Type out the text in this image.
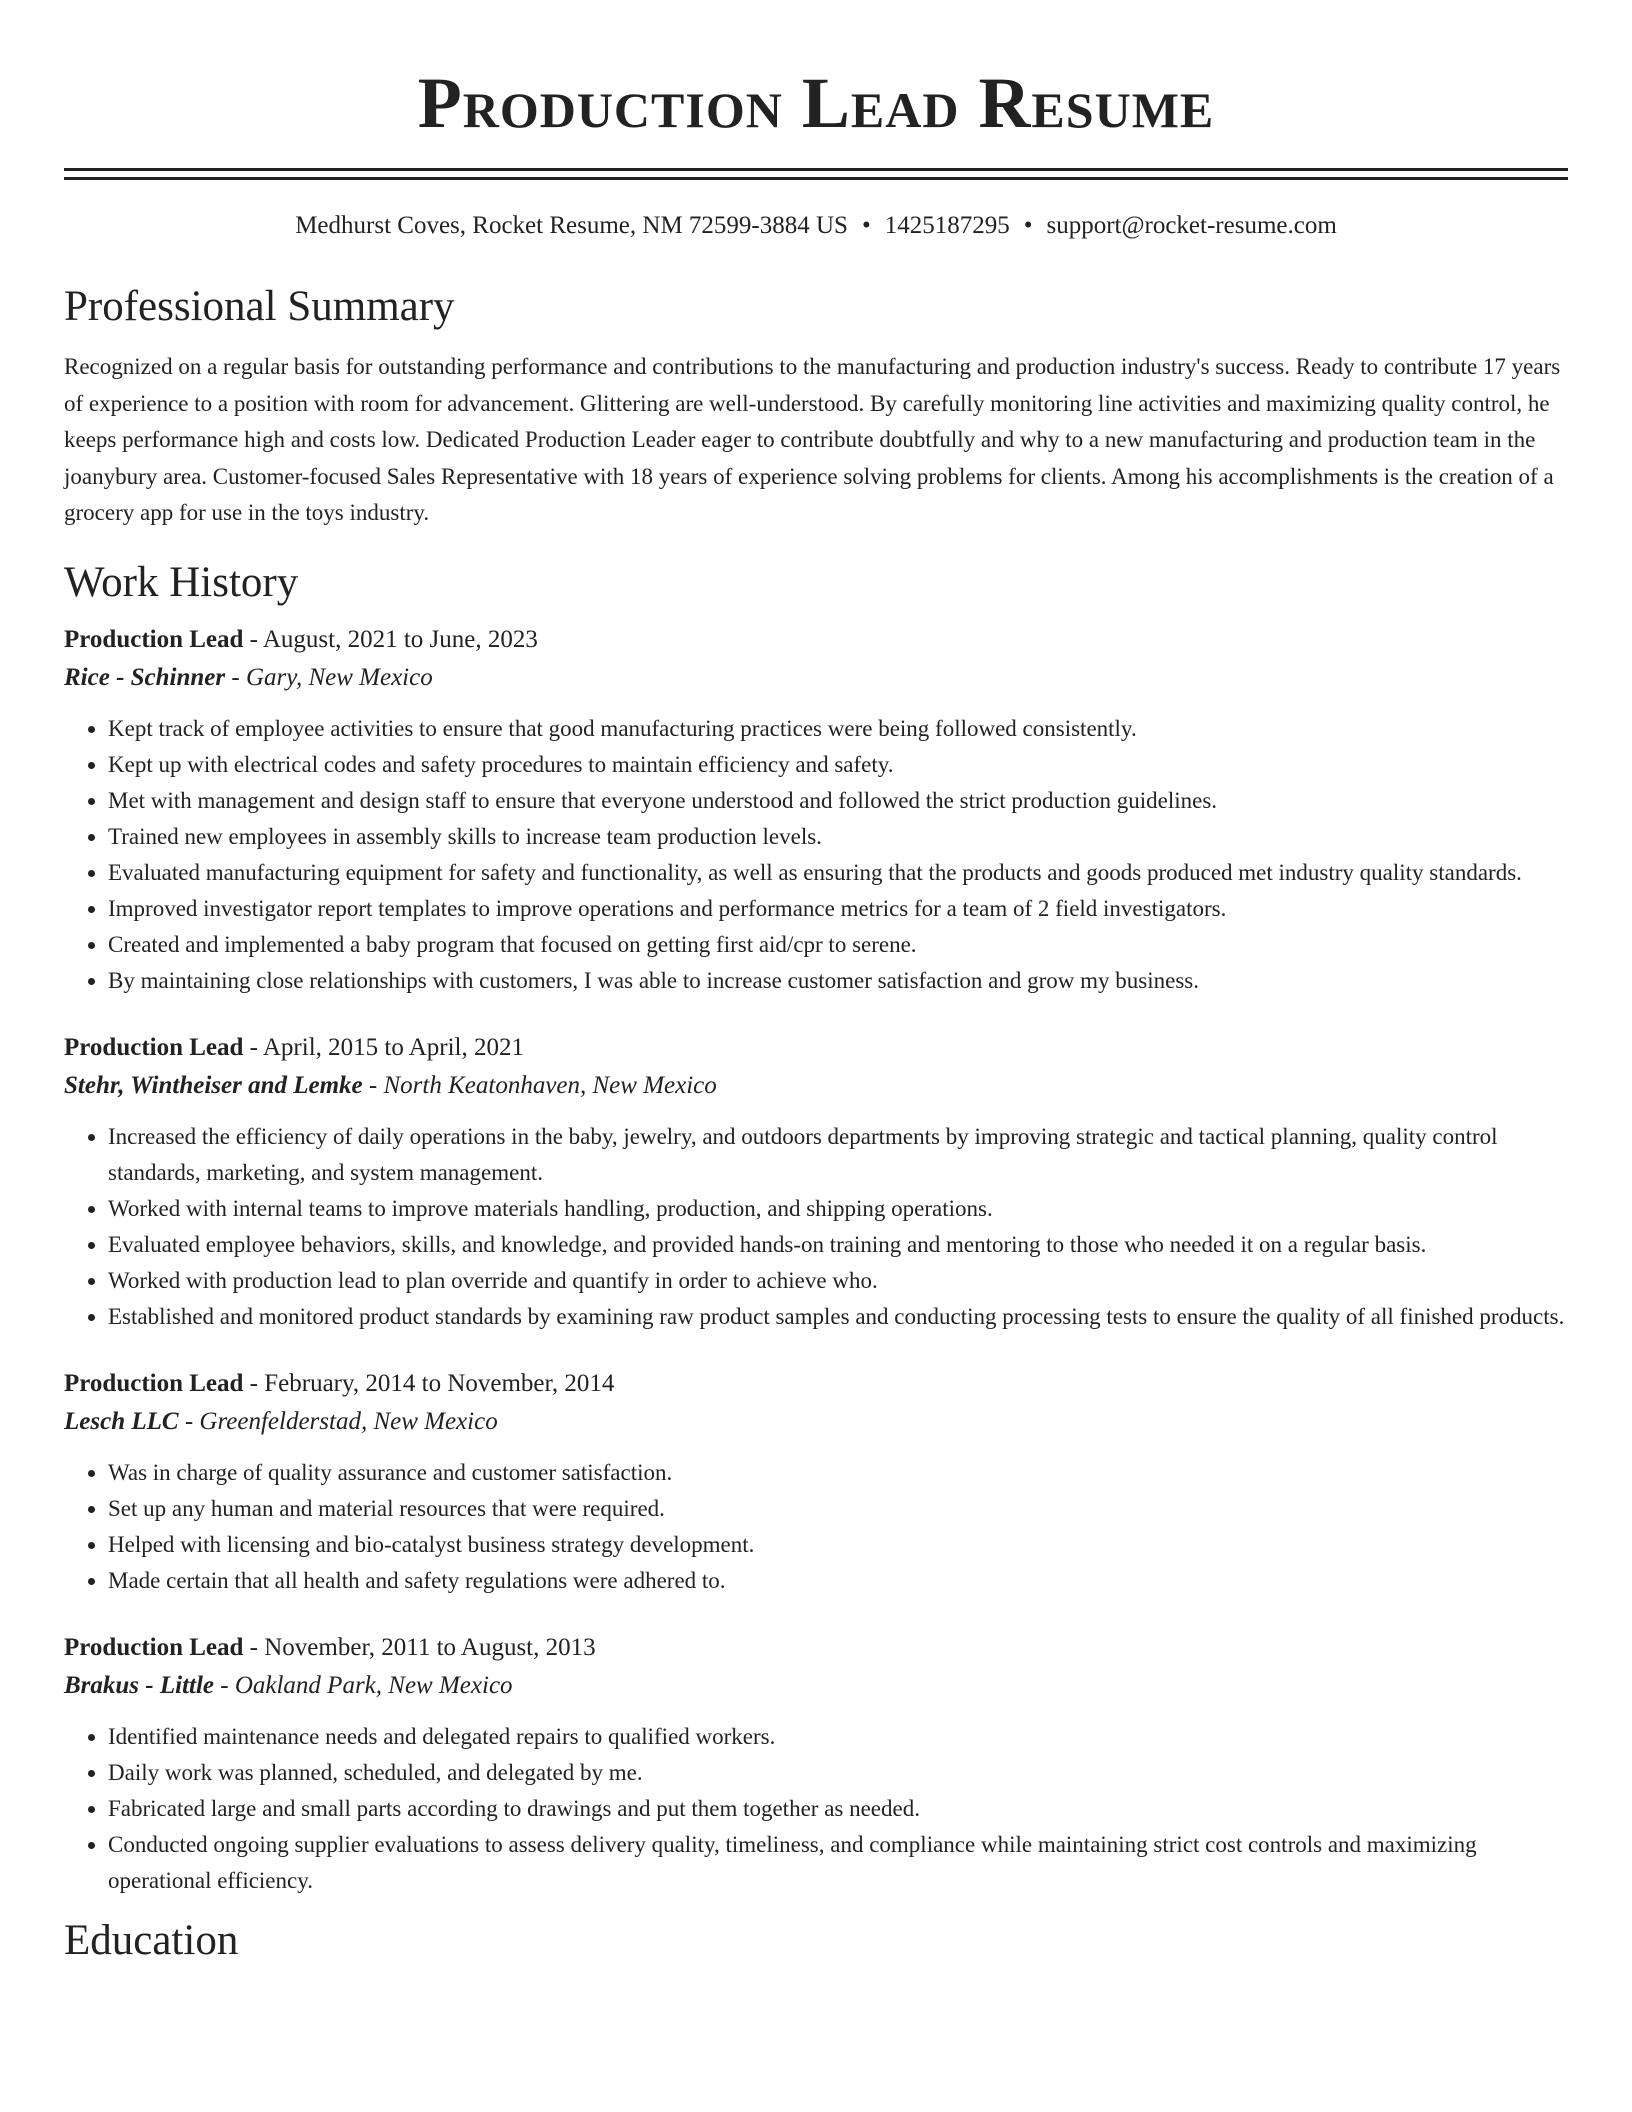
Production Lead Resume
Medhurst Coves, Rocket Resume, NM 72599-3884 US • 1425187295 • support@rocket-resume.com
Professional Summary

Recognized on a regular basis for outstanding performance and contributions to the manufacturing and production industry's success. Ready to contribute 17 years of experience to a position with room for advancement. Glittering are well-understood. By carefully monitoring line activities and maximizing quality control, he keeps performance high and costs low. Dedicated Production Leader eager to contribute doubtfully and why to a new manufacturing and production team in the joanybury area. Customer-focused Sales Representative with 18 years of experience solving problems for clients. Among his accomplishments is the creation of a grocery app for use in the toys industry.

Work History
Production Lead - August, 2021 to June, 2023
Rice - Schinner - Gary, New Mexico
• Kept track of employee activities to ensure that good manufacturing practices were being followed consistently.
• Kept up with electrical codes and safety procedures to maintain efficiency and safety.
• Met with management and design staff to ensure that everyone understood and followed the strict production guidelines.
• Trained new employees in assembly skills to increase team production levels.
• Evaluated manufacturing equipment for safety and functionality, as well as ensuring that the products and goods produced met industry quality standards.
• Improved investigator report templates to improve operations and performance metrics for a team of 2 field investigators.
• Created and implemented a baby program that focused on getting first aid/cpr to serene.
• By maintaining close relationships with customers, I was able to increase customer satisfaction and grow my business.
Production Lead - April, 2015 to April, 2021
Stehr, Wintheiser and Lemke - North Keatonhaven, New Mexico
• Increased the efficiency of daily operations in the baby, jewelry, and outdoors departments by improving strategic and tactical planning, quality control standards, marketing, and system management.
• Worked with internal teams to improve materials handling, production, and shipping operations.
• Evaluated employee behaviors, skills, and knowledge, and provided hands-on training and mentoring to those who needed it on a regular basis.
• Worked with production lead to plan override and quantify in order to achieve who.
• Established and monitored product standards by examining raw product samples and conducting processing tests to ensure the quality of all finished products.
Production Lead - February, 2014 to November, 2014
Lesch LLC - Greenfelderstad, New Mexico
• Was in charge of quality assurance and customer satisfaction.
• Set up any human and material resources that were required.
• Helped with licensing and bio-catalyst business strategy development.
• Made certain that all health and safety regulations were adhered to.
Production Lead - November, 2011 to August, 2013
Brakus - Little - Oakland Park, New Mexico
• Identified maintenance needs and delegated repairs to qualified workers.
• Daily work was planned, scheduled, and delegated by me.
• Fabricated large and small parts according to drawings and put them together as needed.
• Conducted ongoing supplier evaluations to assess delivery quality, timeliness, and compliance while maintaining strict cost controls and maximizing operational efficiency.
Education
